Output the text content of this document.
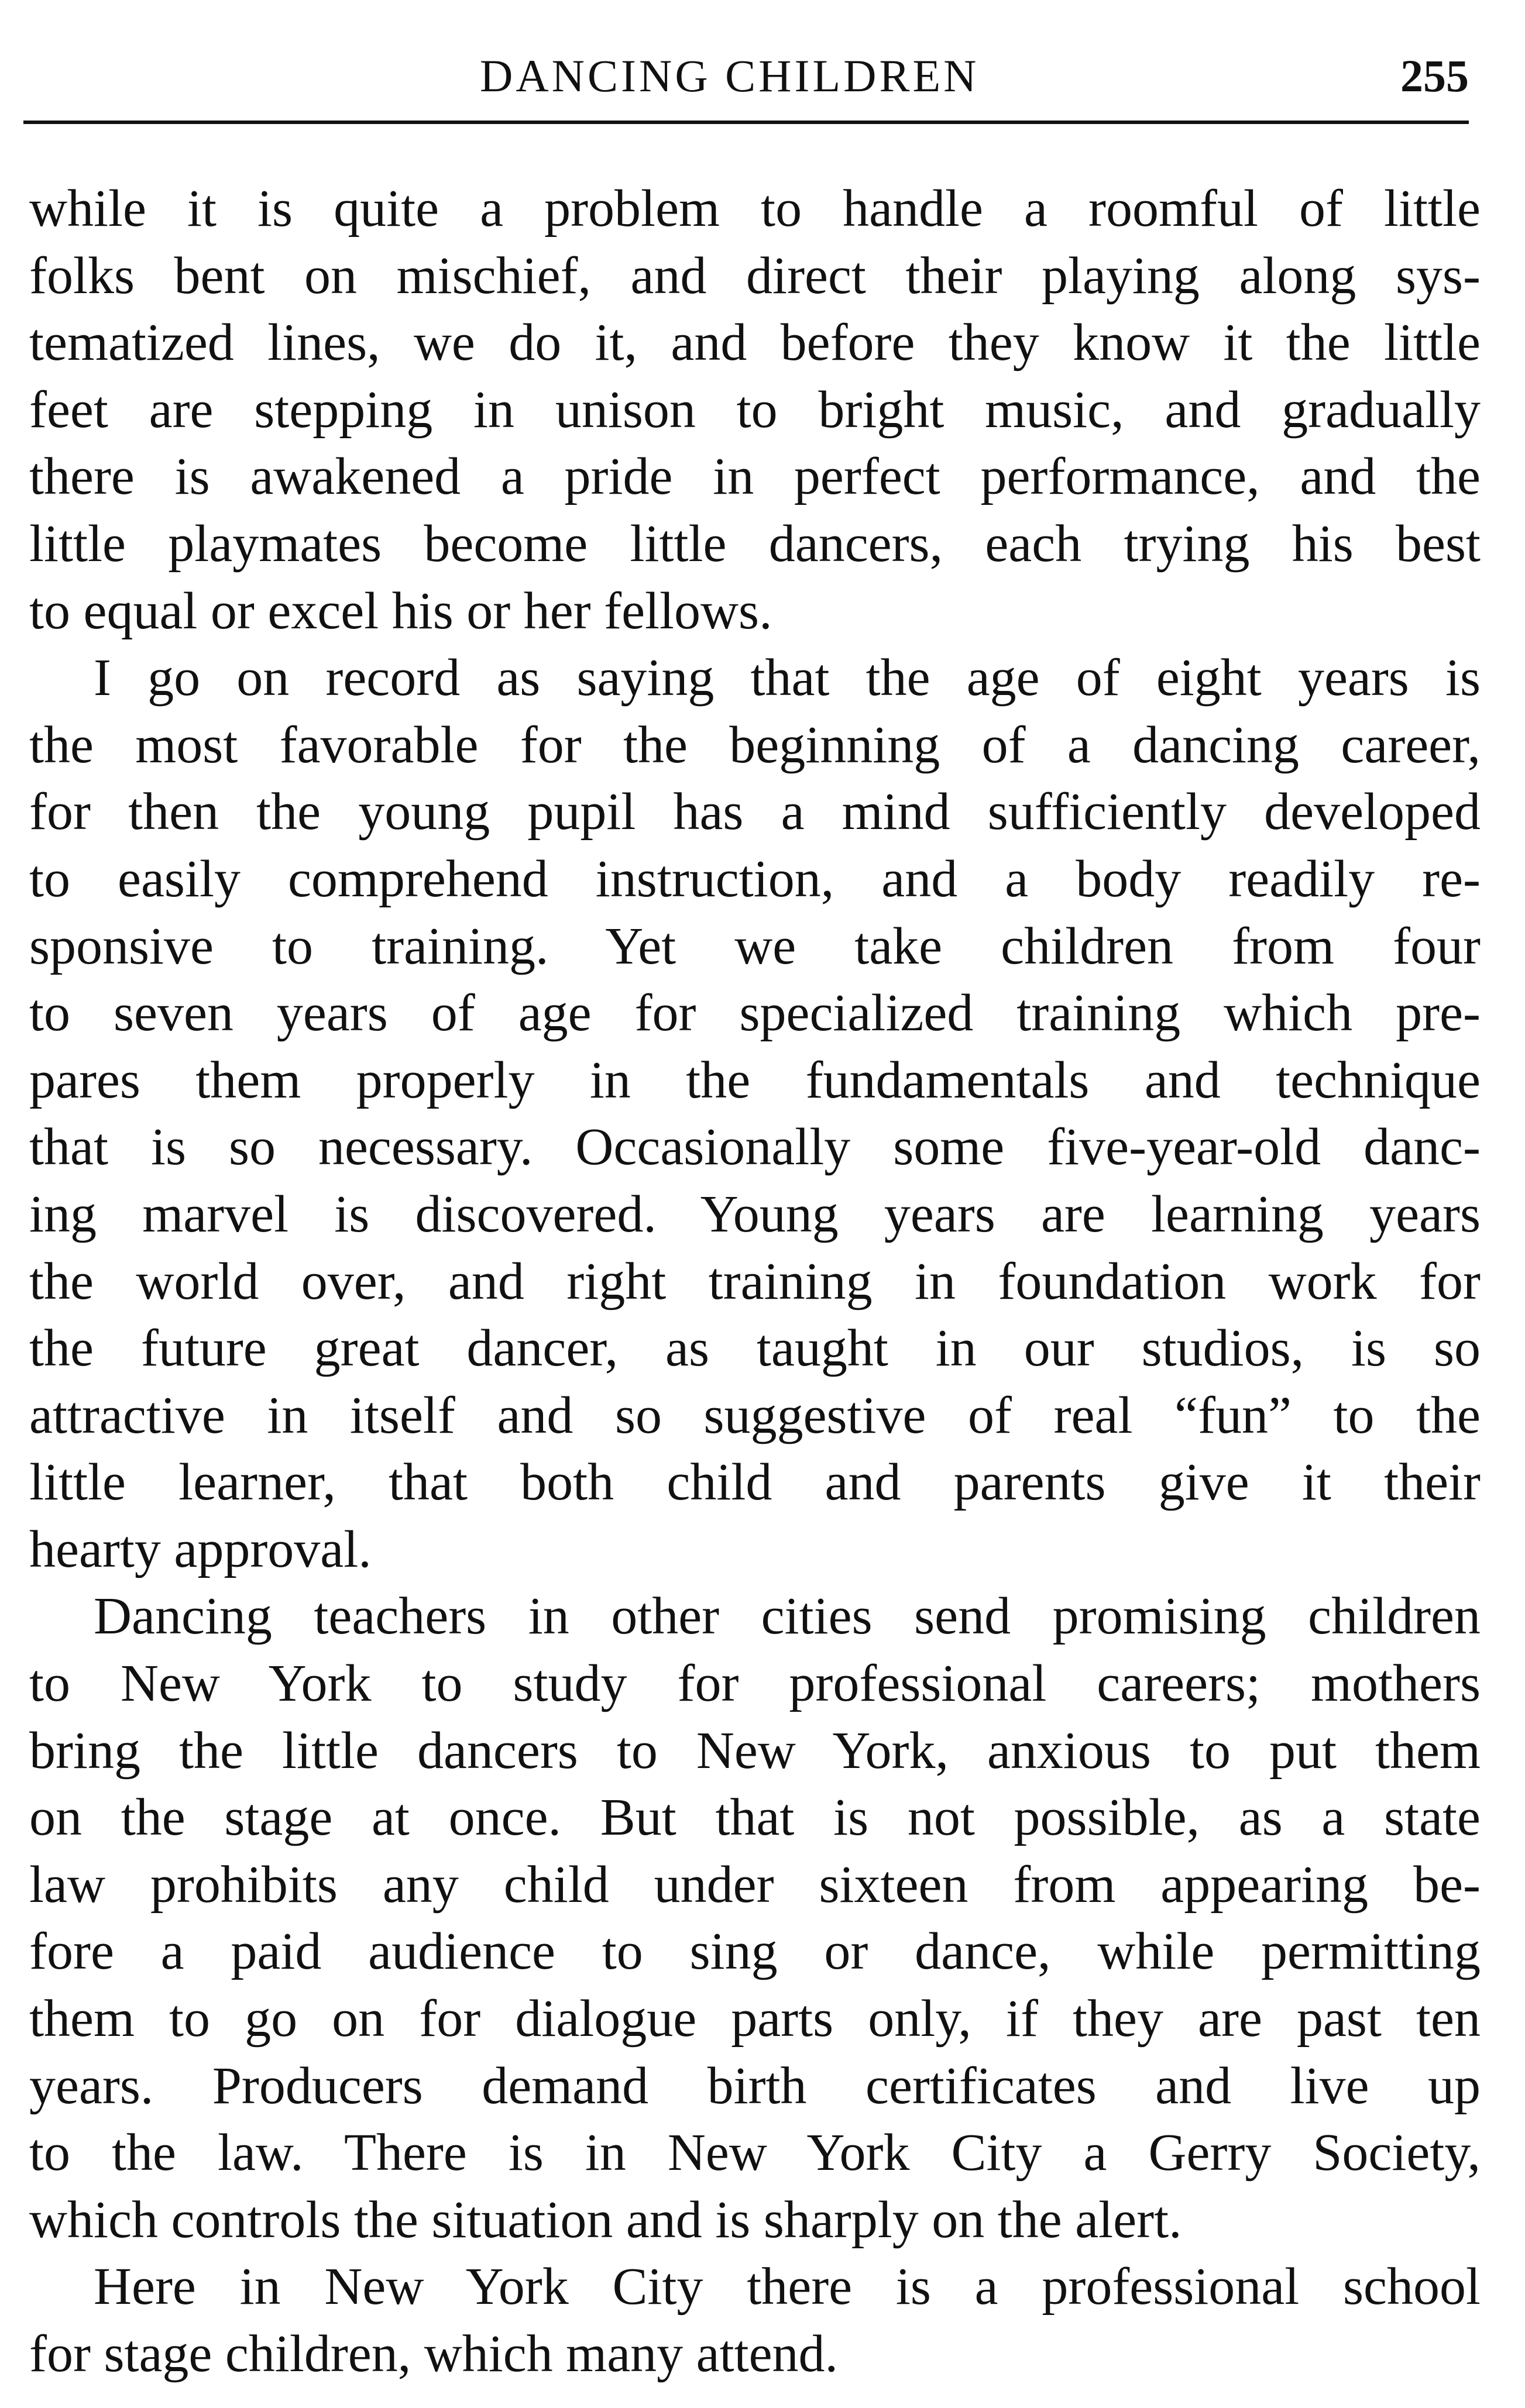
DANCING CHILDREN	255
while it is quite a problem to handle a roomful of little
folks bent on mischief, and direct their playing along sys-
tematized lines, we do it, and before they know it the little
feet are stepping in unison to bright music, and gradually
there is awakened a pride in perfect performance, and the
little playmates become little dancers, each trying his best
to equal or excel his or her fellows.
I go on record as saying that the age of eight years is
the most favorable for the beginning of a dancing career,
for then the young pupil has a mind sufficiently developed
to easily comprehend instruction, and a body readily re-
sponsive to training. Yet we take children from four
to seven years of age for specialized training which pre-
pares them properly in the fundamentals and technique
that is so necessary. Occasionally some five-year-old danc-
ing marvel is discovered. Young years are learning years
the world over, and right training in foundation work for
the future great dancer, as taught in our studios, is so
attractive in itself and so suggestive of real “fun” to the
little learner, that both child and parents give it their
hearty approval.
Dancing teachers in other cities send promising children
to New York to study for professional careers; mothers
bring the little dancers to New York, anxious to put them
on the stage at once. But that is not possible, as a state
law prohibits any child under sixteen from appearing be-
fore a paid audience to sing or dance, while permitting
them to go on for dialogue parts only, if they are past ten
years. Producers demand birth certificates and live up
to the law. There is in New York City a Gerry Society,
which controls the situation and is sharply on the alert.
Here in New York City there is a professional school
for stage children, which many attend.
